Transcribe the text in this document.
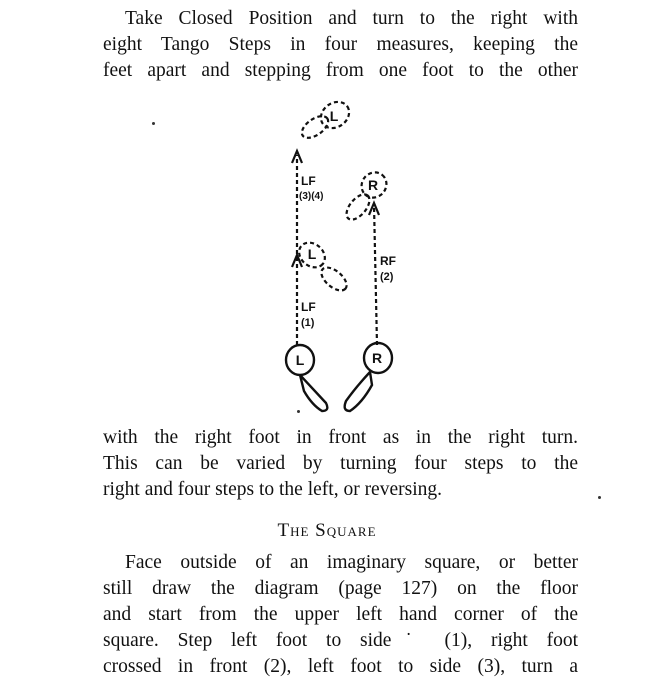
Take Closed Position and turn to the right with
eight Tango Steps in four measures, keeping the
feet apart and stepping from one foot to the other
L
R
L
L	R
LF
(3)(4)
RF
(2)
LF
(1)
with the right foot in front as in the right turn.
This can be varied by turning four steps to the
right and four steps to the left, or reversing.
The Square
Face outside of an imaginary square, or better
still draw the diagram (page 127) on the floor
and start from the upper left hand corner of the
square. Step left foot to side˙ (1), right foot
crossed in front (2), left foot to side (3), turn a
